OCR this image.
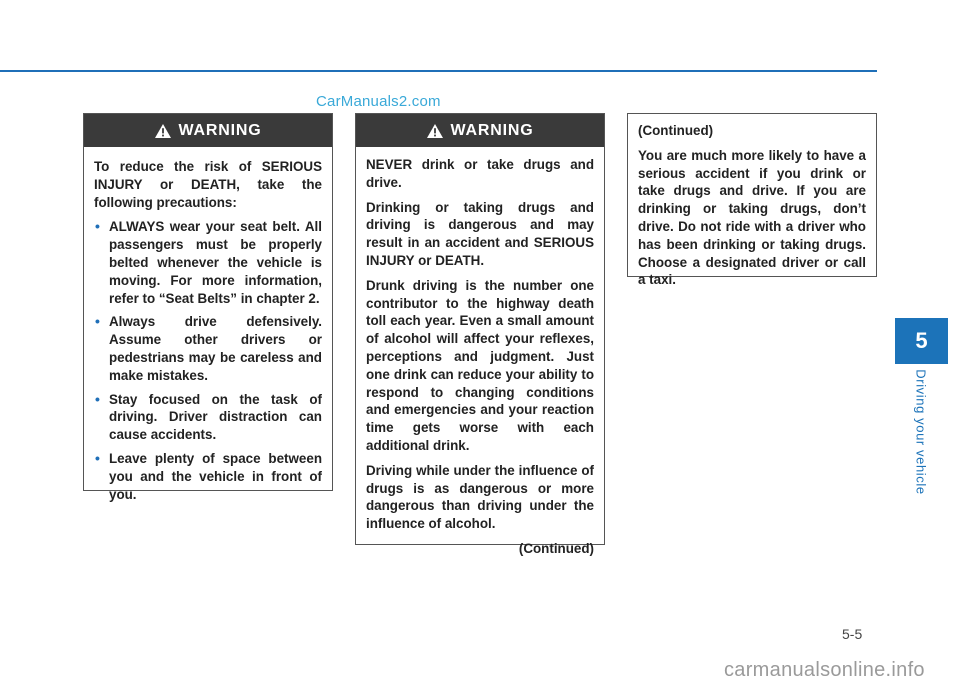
CarManuals2.com
WARNING

To reduce the risk of SERIOUS INJURY or DEATH, take the following precautions:

• ALWAYS wear your seat belt. All passengers must be properly belted whenever the vehicle is moving. For more information, refer to “Seat Belts” in chapter 2.
• Always drive defensively. Assume other drivers or pedestrians may be careless and make mistakes.
• Stay focused on the task of driving. Driver distraction can cause accidents.
• Leave plenty of space between you and the vehicle in front of you.
WARNING

NEVER drink or take drugs and drive.

Drinking or taking drugs and driving is dangerous and may result in an accident and SERIOUS INJURY or DEATH.

Drunk driving is the number one contributor to the highway death toll each year. Even a small amount of alcohol will affect your reflexes, perceptions and judgment. Just one drink can reduce your ability to respond to changing conditions and emergencies and your reaction time gets worse with each additional drink.

Driving while under the influence of drugs is as dangerous or more dangerous than driving under the influence of alcohol.

(Continued)

(Continued)

You are much more likely to have a serious accident if you drink or take drugs and drive. If you are drinking or taking drugs, don’t drive. Do not ride with a driver who has been drinking or taking drugs. Choose a designated driver or call a taxi.

5
Driving your vehicle
5-5
carmanualsonline.info
